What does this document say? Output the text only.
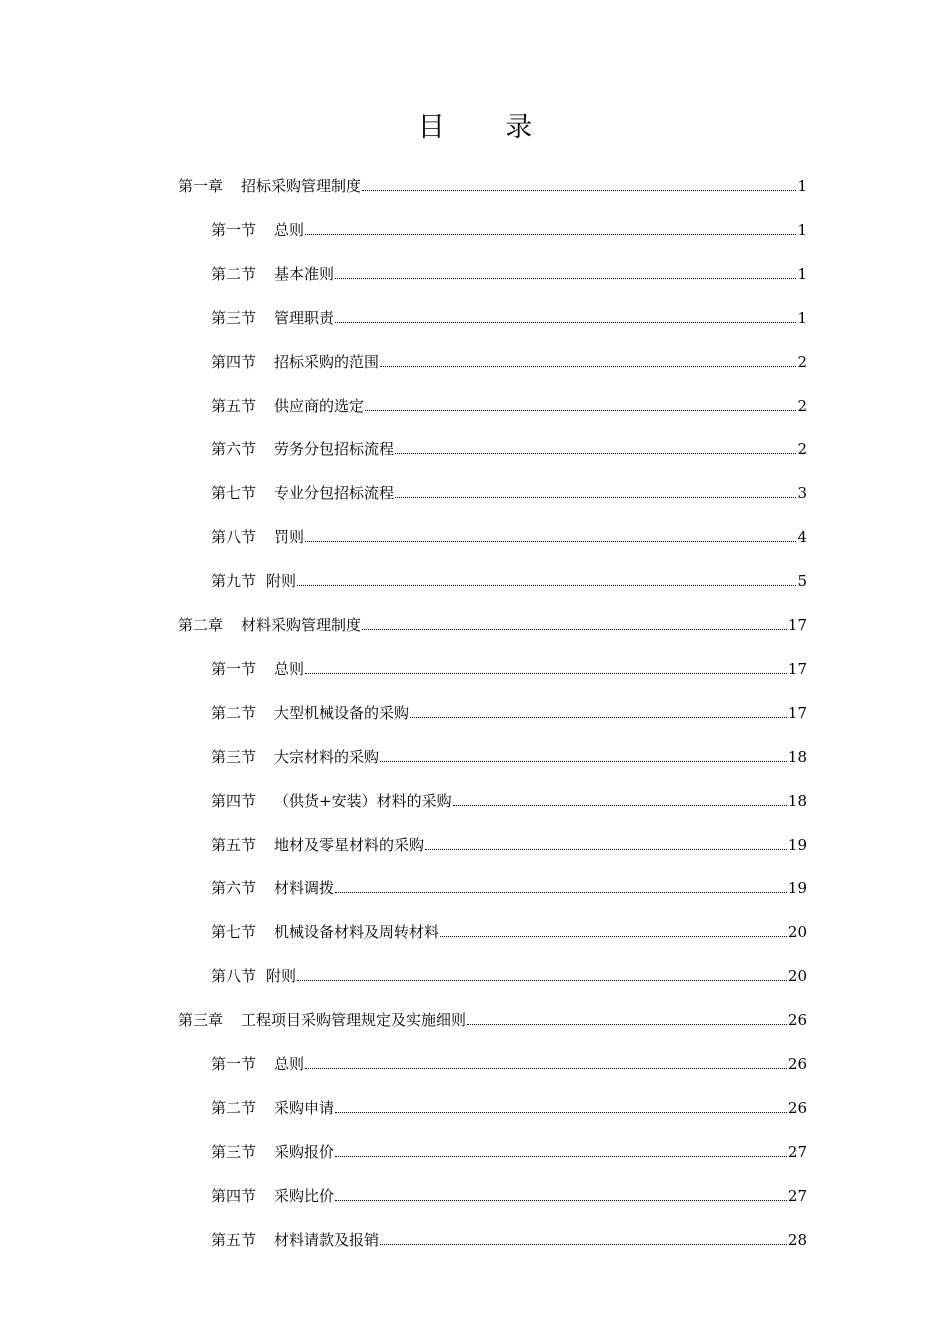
目 录
第一章 招标采购管理制度	1
第一节 总则	1
第二节 基本准则	1
第三节 管理职责	1
第四节 招标采购的范围	2
第五节 供应商的选定	2
第六节 劳务分包招标流程	2
第七节 专业分包招标流程	3
第八节 罚则	4
第九节 附则	5
第二章 材料采购管理制度	17
第一节 总则	17
第二节 大型机械设备的采购	17
第三节 大宗材料的采购	18
第四节 （供货+安装）材料的采购	18
第五节 地材及零星材料的采购	19
第六节 材料调拨	19
第七节 机械设备材料及周转材料	20
第八节 附则	20
第三章 工程项目采购管理规定及实施细则	26
第一节 总则	26
第二节 采购申请	26
第三节 采购报价	27
第四节 采购比价	27
第五节 材料请款及报销	28
